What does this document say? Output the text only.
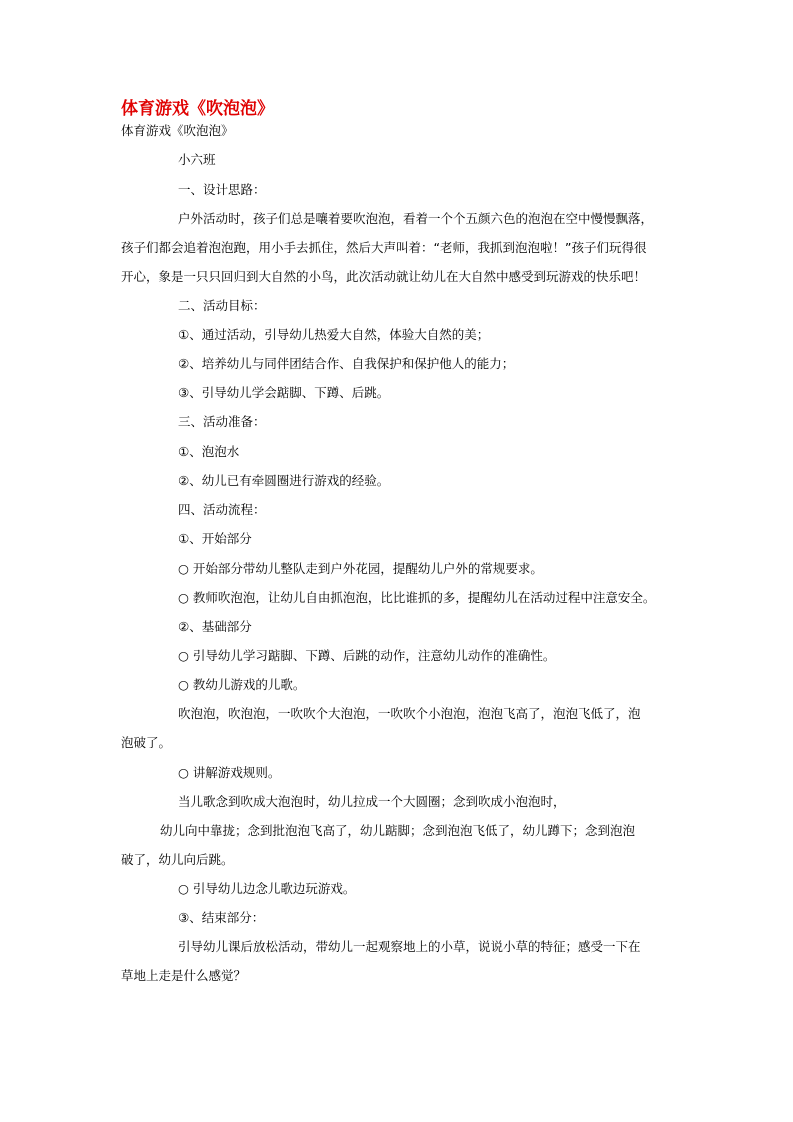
体育游戏《吹泡泡》
体育游戏《吹泡泡》
小六班
一、设计思路：
户外活动时，孩子们总是嚷着要吹泡泡，看着一个个五颜六色的泡泡在空中慢慢飘落，
孩子们都会追着泡泡跑，用小手去抓住，然后大声叫着：“老师，我抓到泡泡啦！”孩子们玩得很
开心，象是一只只回归到大自然的小鸟，此次活动就让幼儿在大自然中感受到玩游戏的快乐吧！
二、活动目标：
①、通过活动，引导幼儿热爱大自然，体验大自然的美；
②、培养幼儿与同伴团结合作、自我保护和保护他人的能力；
③、引导幼儿学会踮脚、下蹲、后跳。
三、活动准备：
①、泡泡水
②、幼儿已有牵圆圈进行游戏的经验。
四、活动流程：
①、开始部分
○ 开始部分带幼儿整队走到户外花园，提醒幼儿户外的常规要求。
○ 教师吹泡泡，让幼儿自由抓泡泡，比比谁抓的多，提醒幼儿在活动过程中注意安全。
②、基础部分
○ 引导幼儿学习踮脚、下蹲、后跳的动作，注意幼儿动作的准确性。
○ 教幼儿游戏的儿歌。
吹泡泡，吹泡泡，一吹吹个大泡泡，一吹吹个小泡泡，泡泡飞高了，泡泡飞低了，泡
泡破了。
○ 讲解游戏规则。
当儿歌念到吹成大泡泡时，幼儿拉成一个大圆圈；念到吹成小泡泡时，
幼儿向中靠拢；念到批泡泡飞高了，幼儿踮脚；念到泡泡飞低了，幼儿蹲下；念到泡泡
破了，幼儿向后跳。
○ 引导幼儿边念儿歌边玩游戏。
③、结束部分：
引导幼儿课后放松活动，带幼儿一起观察地上的小草，说说小草的特征；感受一下在
草地上走是什么感觉？
